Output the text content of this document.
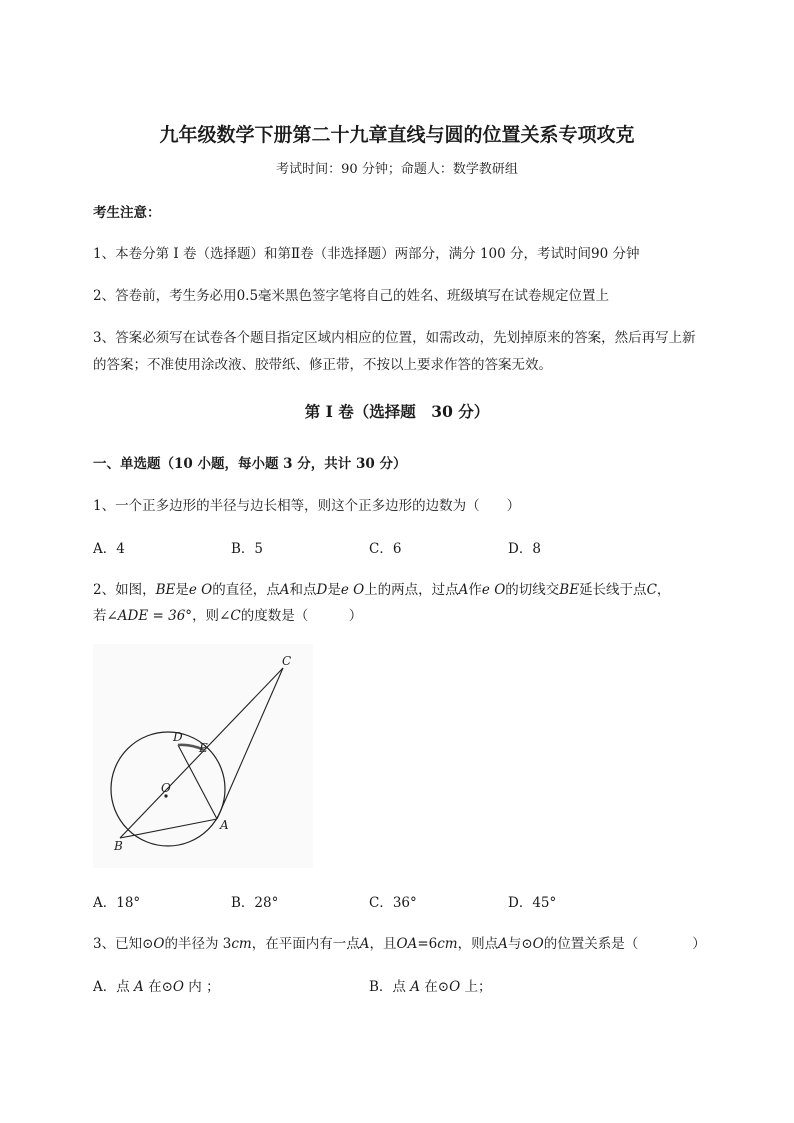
九年级数学下册第二十九章直线与圆的位置关系专项攻克
考试时间：90 分钟；命题人：数学教研组
考生注意：
1、本卷分第 I 卷（选择题）和第Ⅱ卷（非选择题）两部分，满分 100 分，考试时间90 分钟
2、答卷前，考生务必用0.5毫米黑色签字笔将自己的姓名、班级填写在试卷规定位置上
3、答案必须写在试卷各个题目指定区域内相应的位置，如需改动，先划掉原来的答案，然后再写上新
的答案；不准使用涂改液、胶带纸、修正带，不按以上要求作答的答案无效。
第 I 卷（选择题　30 分）
一、单选题（10 小题，每小题 3 分，共计 30 分）
1、一个正多边形的半径与边长相等，则这个正多边形的边数为（　　）
A．4	B．5	C．6	D．8
2、如图，BE是e O的直径，点A和点D是e O上的两点，过点A作e O的切线交BE延长线于点C，
若∠ADE = 36°，则∠C的度数是（　　　）
C
D
E
O
A
B
A．18°	B．28°	C．36°	D．45°
3、已知⊙O的半径为 3cm，在平面内有一点A，且OA=6cm，则点A与⊙O的位置关系是（　　　　）
A．点 A 在⊙O 内 ；	B．点 A 在⊙O 上；
